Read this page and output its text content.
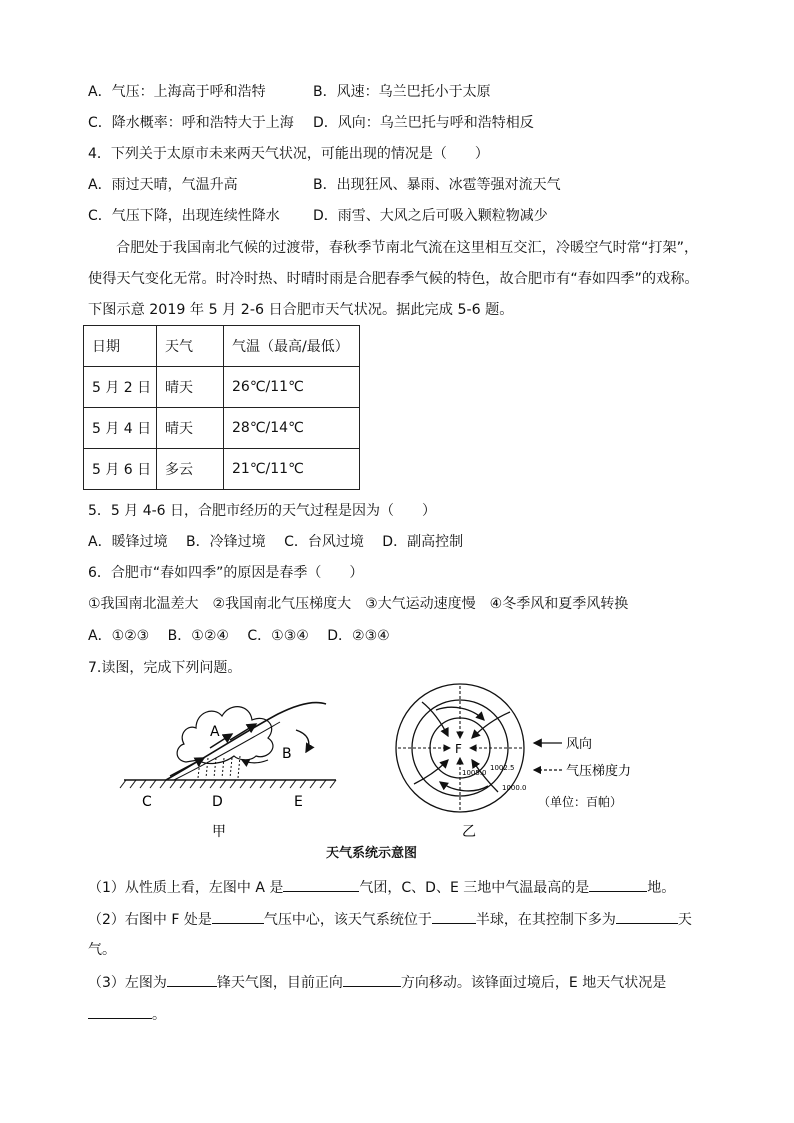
A．气压：上海高于呼和浩特	B．风速：乌兰巴托小于太原
C．降水概率：呼和浩特大于上海 D．风向：乌兰巴托与呼和浩特相反
4．下列关于太原市未来两天气状况，可能出现的情况是（　　）
A．雨过天晴，气温升高	B．出现狂风、暴雨、冰雹等强对流天气
C．气压下降，出现连续性降水 D．雨雪、大风之后可吸入颗粒物减少
合肥处于我国南北气候的过渡带，春秋季节南北气流在这里相互交汇，冷暖空气时常“打架”，
使得天气变化无常。时冷时热、时晴时雨是合肥春季气候的特色，故合肥市有“春如四季”的戏称。
下图示意 2019 年 5 月 2-6 日合肥市天气状况。据此完成 5-6 题。
日期	天气	气温（最高/最低）
5 月 2 日	晴天	26℃/11℃
5 月 4 日	晴天	28℃/14℃
5 月 6 日	多云	21℃/11℃
5．5 月 4-6 日，合肥市经历的天气过程是因为（　　）
A．暖锋过境　 B．冷锋过境　 C．台风过境　 D．副高控制
6．合肥市“春如四季”的原因是春季（　　）
①我国南北温差大　②我国南北气压梯度大　③大气运动速度慢　④冬季风和夏季风转换
A．①②③　 B．①②④　 C．①③④　 D．②③④
7.读图，完成下列问题。
A
B
C	D	E
甲
F
1005.0
1002.5
1000.0
风向
气压梯度力
（单位：百帕）
乙
天气系统示意图
（1）从性质上看，左图中 A 是	气团，C、D、E 三地中气温最高的是	地。
（2）右图中 F 处是	气压中心，该天气系统位于	半球，在其控制下多为	天
气。
（3）左图为	锋天气图，目前正向	方向移动。该锋面过境后，E 地天气状况是
。
